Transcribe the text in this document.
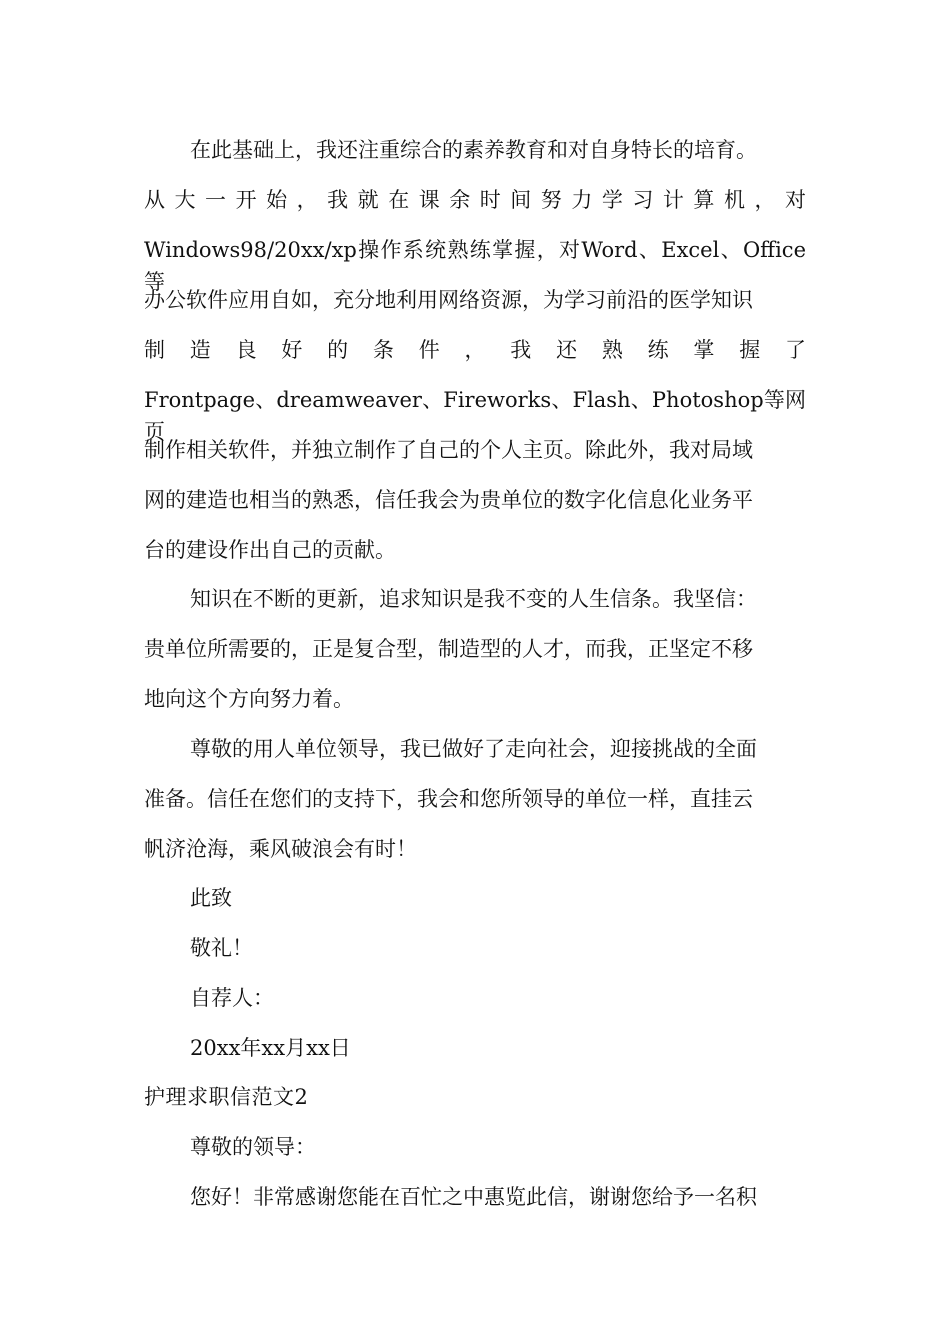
在此基础上，我还注重综合的素养教育和对自身特长的培育。
从大一开始，我就在课余时间努力学习计算机，对
Windows98/20xx/xp操作系统熟练掌握，对Word、Excel、Office等
办公软件应用自如，充分地利用网络资源，为学习前沿的医学知识
制造良好的条件，我还熟练掌握了
Frontpage、dreamweaver、Fireworks、Flash、Photoshop等网页
制作相关软件，并独立制作了自己的个人主页。除此外，我对局域
网的建造也相当的熟悉，信任我会为贵单位的数字化信息化业务平
台的建设作出自己的贡献。
知识在不断的更新，追求知识是我不变的人生信条。我坚信：
贵单位所需要的，正是复合型，制造型的人才，而我，正坚定不移
地向这个方向努力着。
尊敬的用人单位领导，我已做好了走向社会，迎接挑战的全面
准备。信任在您们的支持下，我会和您所领导的单位一样，直挂云
帆济沧海，乘风破浪会有时！
此致
敬礼！
自荐人：
20xx年xx月xx日
护理求职信范文2
尊敬的领导：
您好！非常感谢您能在百忙之中惠览此信，谢谢您给予一名积
